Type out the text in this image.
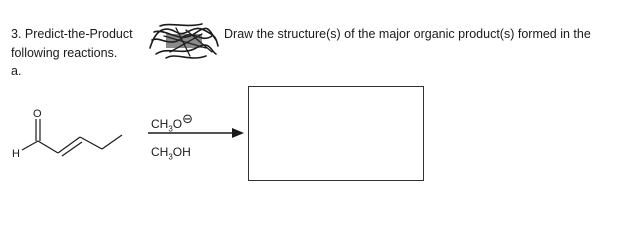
3. Predict-the-Product	Draw the structure(s) of the major organic product(s) formed in the
following reactions.
a.
O
H
$CH_3O^⊖$
$CH_3OH$
